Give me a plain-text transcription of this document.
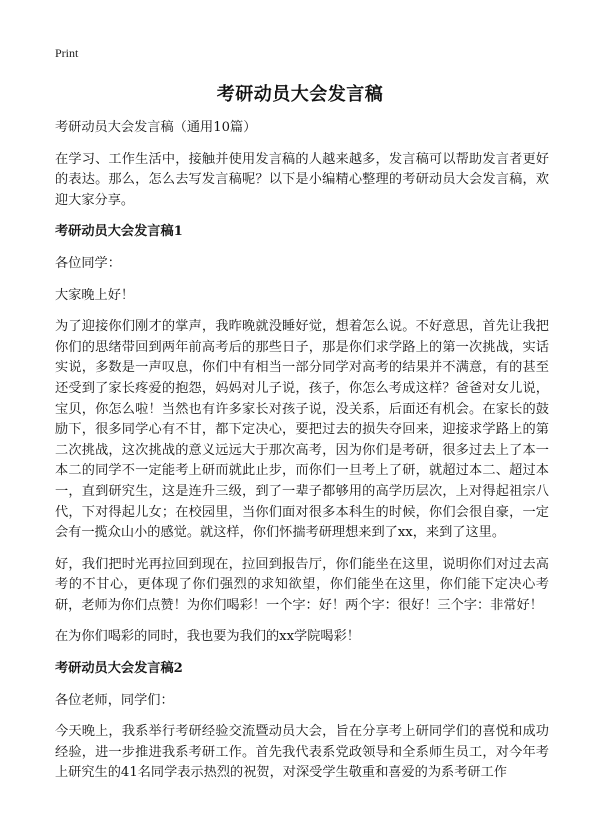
Print
考研动员大会发言稿

考研动员大会发言稿（通用10篇）

在学习、工作生活中，接触并使用发言稿的人越来越多，发言稿可以帮助发言者更好的表达。那么，怎么去写发言稿呢？以下是小编精心整理的考研动员大会发言稿，欢迎大家分享。

考研动员大会发言稿1

各位同学：

大家晚上好！

为了迎接你们刚才的掌声，我昨晚就没睡好觉，想着怎么说。不好意思，首先让我把你们的思绪带回到两年前高考后的那些日子，那是你们求学路上的第一次挑战，实话实说，多数是一声叹息，你们中有相当一部分同学对高考的结果并不满意，有的甚至还受到了家长疼爱的抱怨，妈妈对儿子说，孩子，你怎么考成这样？爸爸对女儿说，宝贝，你怎么啦！当然也有许多家长对孩子说，没关系，后面还有机会。在家长的鼓励下，很多同学心有不甘，都下定决心，要把过去的损失夺回来，迎接求学路上的第二次挑战，这次挑战的意义远远大于那次高考，因为你们是考研，很多过去上了本一本二的同学不一定能考上研而就此止步，而你们一旦考上了研，就超过本二、超过本一，直到研究生，这是连升三级，到了一辈子都够用的高学历层次，上对得起祖宗八代，下对得起儿女；在校园里，当你们面对很多本科生的时候，你们会很自豪，一定会有一揽众山小的感觉。就这样，你们怀揣考研理想来到了xx，来到了这里。

好，我们把时光再拉回到现在，拉回到报告厅，你们能坐在这里，说明你们对过去高考的不甘心，更体现了你们强烈的求知欲望，你们能坐在这里，你们能下定决心考研，老师为你们点赞！为你们喝彩！一个字：好！两个字：很好！三个字：非常好！

在为你们喝彩的同时，我也要为我们的xx学院喝彩！

考研动员大会发言稿2

各位老师，同学们：

今天晚上，我系举行考研经验交流暨动员大会，旨在分享考上研同学们的喜悦和成功经验，进一步推进我系考研工作。首先我代表系党政领导和全系师生员工，对今年考上研究生的41名同学表示热烈的祝贺，对深受学生敬重和喜爱的为系考研工作
